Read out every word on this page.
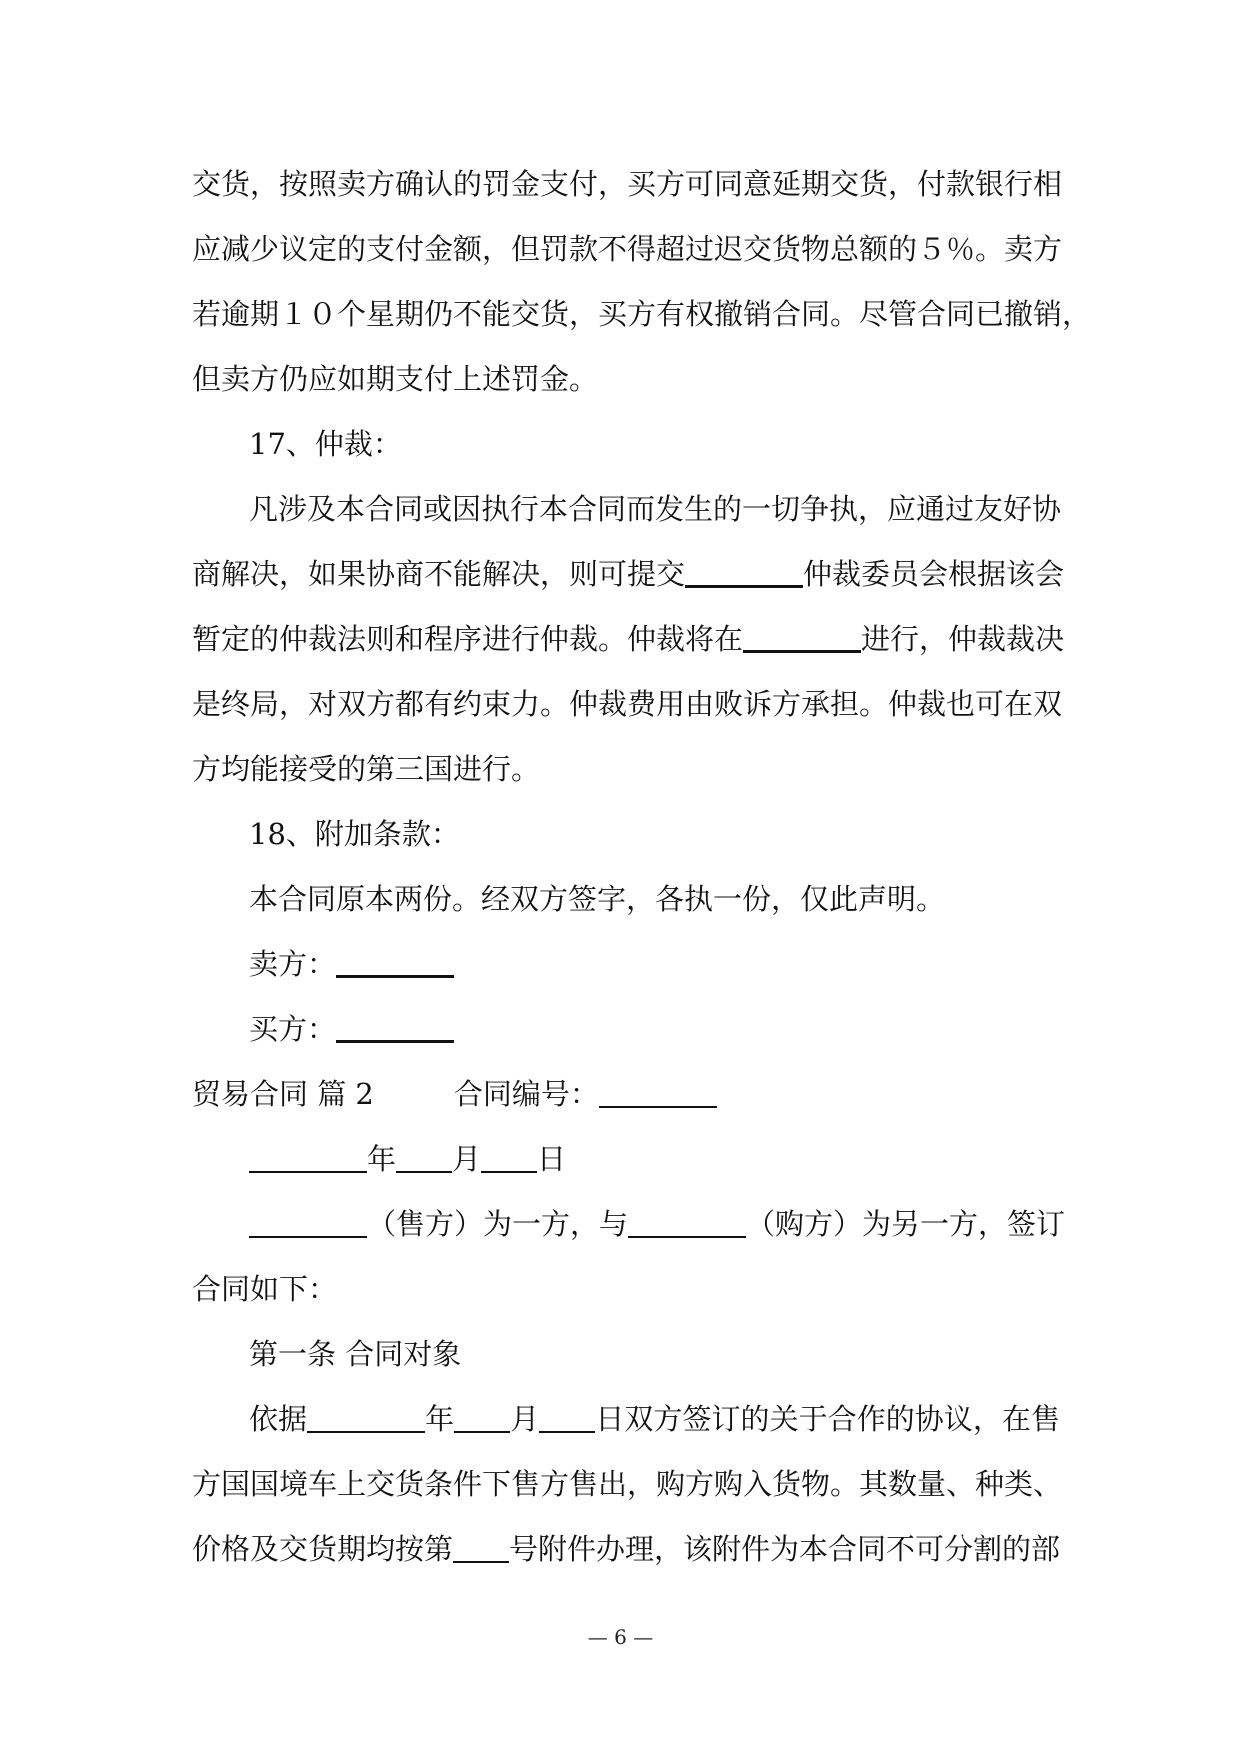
交货，按照卖方确认的罚金支付，买方可同意延期交货，付款银行相
应减少议定的支付金额，但罚款不得超过迟交货物总额的５％。卖方
若逾期１０个星期仍不能交货，买方有权撤销合同。尽管合同已撤销，
但卖方仍应如期支付上述罚金。
17、仲裁：
凡涉及本合同或因执行本合同而发生的一切争执，应通过友好协
商解决，如果协商不能解决，则可提交	仲裁委员会根据该会
暂定的仲裁法则和程序进行仲裁。仲裁将在	进行，仲裁裁决
是终局，对双方都有约束力。仲裁费用由败诉方承担。仲裁也可在双
方均能接受的第三国进行。
18、附加条款：
本合同原本两份。经双方签字，各执一份，仅此声明。
卖方：
买方：
贸易合同 篇 2	合同编号：
年 月 日
（售方）为一方，与	（购方）为另一方，签订
合同如下：
第一条 合同对象
依据	年 月 日双方签订的关于合作的协议，在售
方国国境车上交货条件下售方售出，购方购入货物。其数量、种类、
价格及交货期均按第 号附件办理，该附件为本合同不可分割的部
— 6 —
